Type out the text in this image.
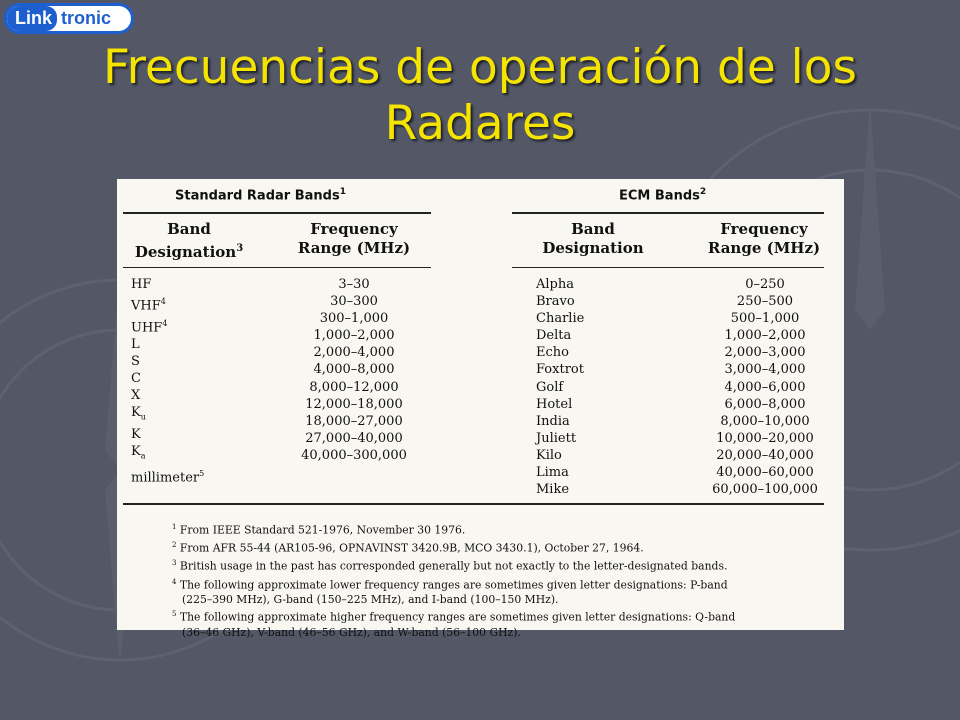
Link tronic
Frecuencias de operación de los Radares
Standard Radar Bands$^1$	ECM Bands$^2$
Band
Designation$^3$
Frequency
Range (MHz)
Band
Designation
Frequency
Range (MHz)
HF
VHF$^4$
UHF$^4$
L
S
C
X
$K_u$
K
$K_a$
millimeter$^5$
3–30
30–300
300–1,000
1,000–2,000
2,000–4,000
4,000–8,000
8,000–12,000
12,000–18,000
18,000–27,000
27,000–40,000
40,000–300,000
Alpha
Bravo
Charlie
Delta
Echo
Foxtrot
Golf
Hotel
India
Juliett
Kilo
Lima
Mike
0–250
250–500
500–1,000
1,000–2,000
2,000–3,000
3,000–4,000
4,000–6,000
6,000–8,000
8,000–10,000
10,000–20,000
20,000–40,000
40,000–60,000
60,000–100,000
$^1$ From IEEE Standard 521-1976, November 30 1976.
$^2$ From AFR 55-44 (AR105-96, OPNAVINST 3420.9B, MCO 3430.1), October 27, 1964.
$^3$ British usage in the past has corresponded generally but not exactly to the letter-designated bands.
$^4$ The following approximate lower frequency ranges are sometimes given letter designations: P-band
(225–390 MHz), G-band (150–225 MHz), and I-band (100–150 MHz).
$^5$ The following approximate higher frequency ranges are sometimes given letter designations: Q-band
(36–46 GHz), V-band (46–56 GHz), and W-band (56–100 GHz).
